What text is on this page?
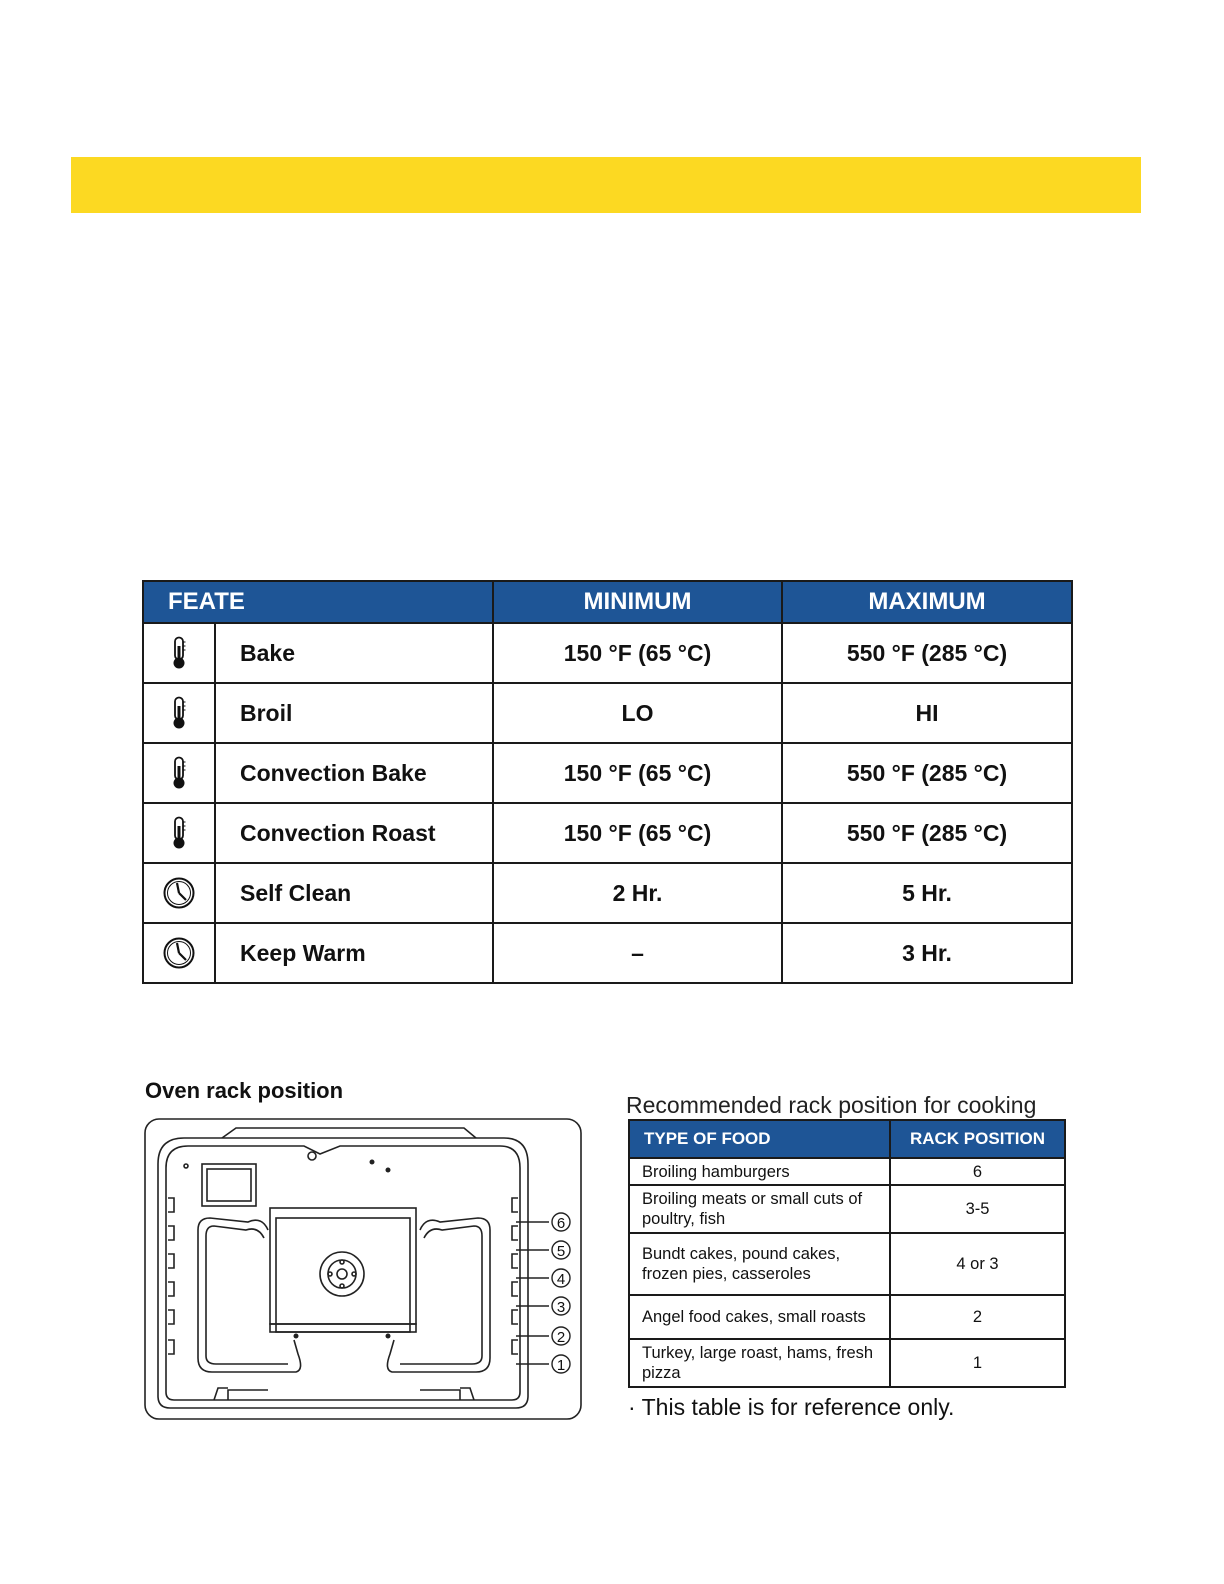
FEATE		MINIMUM	MAXIMUM
	Bake	150 °F (65 °C)	550 °F (285 °C)
	Broil	LO	HI
	Convection Bake	150 °F (65 °C)	550 °F (285 °C)
	Convection Roast	150 °F (65 °C)	550 °F (285 °C)
	Self Clean	2 Hr.	5 Hr.
	Keep Warm	–	3 Hr.
Oven rack position
6
5
4
3
2
1
Recommended rack position for cooking
TYPE OF FOOD	RACK POSITION
Broiling hamburgers	6
Broiling meats or small cuts of poultry, fish	3-5
Bundt cakes, pound cakes, frozen pies, casseroles	4 or 3
Angel food cakes, small roasts	2
Turkey, large roast, hams, fresh pizza	1
· This table is for reference only.
